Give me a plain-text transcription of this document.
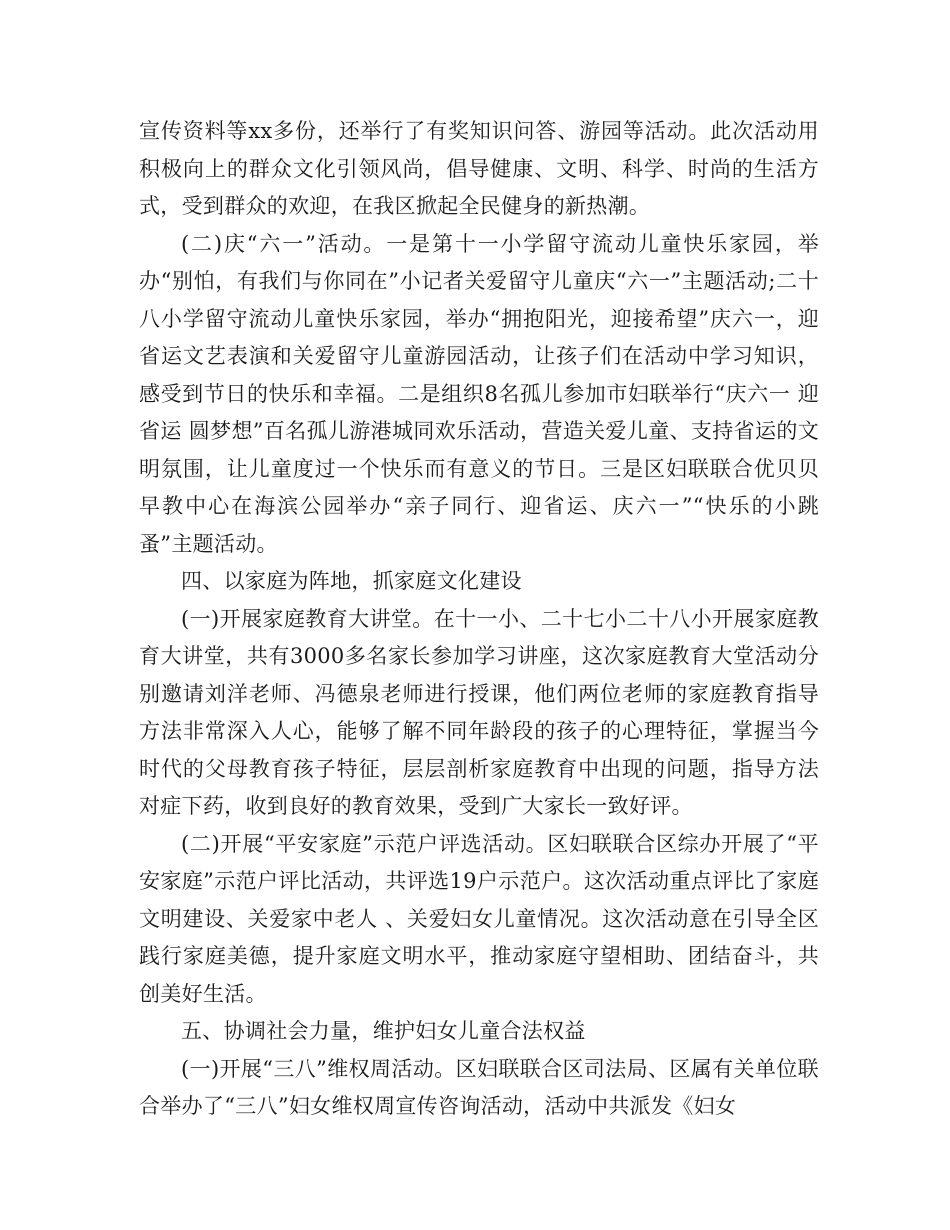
宣传资料等xx多份，还举行了有奖知识问答、游园等活动。此次活动用积极向上的群众文化引领风尚，倡导健康、文明、科学、时尚的生活方式，受到群众的欢迎，在我区掀起全民健身的新热潮。

(二)庆“六一”活动。一是第十一小学留守流动儿童快乐家园，举办“别怕，有我们与你同在”小记者关爱留守儿童庆“六一”主题活动;二十八小学留守流动儿童快乐家园，举办“拥抱阳光，迎接希望”庆六一，迎省运文艺表演和关爱留守儿童游园活动，让孩子们在活动中学习知识，感受到节日的快乐和幸福。二是组织8名孤儿参加市妇联举行“庆六一 迎省运 圆梦想”百名孤儿游港城同欢乐活动，营造关爱儿童、支持省运的文明氛围，让儿童度过一个快乐而有意义的节日。三是区妇联联合优贝贝早教中心在海滨公园举办“亲子同行、迎省运、庆六一”“快乐的小跳蚤”主题活动。

四、以家庭为阵地，抓家庭文化建设

(一)开展家庭教育大讲堂。在十一小、二十七小二十八小开展家庭教育大讲堂，共有3000多名家长参加学习讲座，这次家庭教育大堂活动分别邀请刘洋老师、冯德泉老师进行授课，他们两位老师的家庭教育指导方法非常深入人心，能够了解不同年龄段的孩子的心理特征，掌握当今时代的父母教育孩子特征，层层剖析家庭教育中出现的问题，指导方法对症下药，收到良好的教育效果，受到广大家长一致好评。

(二)开展“平安家庭”示范户评选活动。区妇联联合区综办开展了“平安家庭”示范户评比活动，共评选19户示范户。这次活动重点评比了家庭文明建设、关爱家中老人 、关爱妇女儿童情况。这次活动意在引导全区践行家庭美德，提升家庭文明水平，推动家庭守望相助、团结奋斗，共创美好生活。

五、协调社会力量，维护妇女儿童合法权益

(一)开展“三八”维权周活动。区妇联联合区司法局、区属有关单位联合举办了“三八”妇女维权周宣传咨询活动，活动中共派发《妇女
